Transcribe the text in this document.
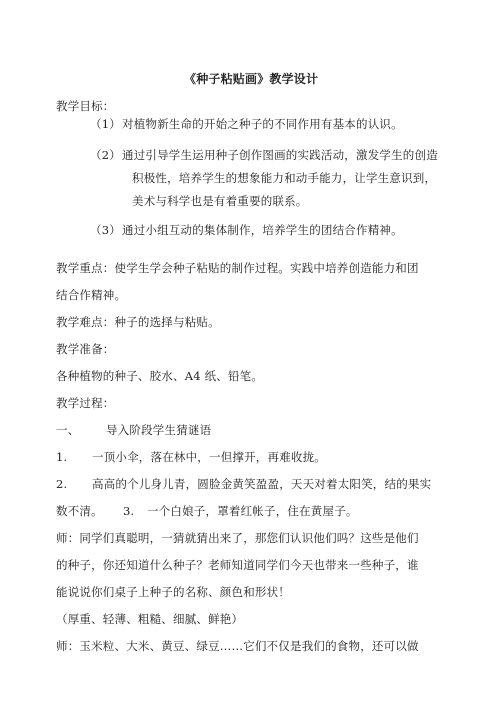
《种子粘贴画》教学设计
教学目标：
（1） 对植物新生命的开始之种子的不同作用有基本的认识。
（2） 通过引导学生运用种子创作图画的实践活动，激发学生的创造
积极性，培养学生的想象能力和动手能力，让学生意识到，
美术与科学也是有着重要的联系。
（3） 通过小组互动的集体制作，培养学生的团结合作精神。
教学重点：使学生学会种子粘贴的制作过程。实践中培养创造能力和团
结合作精神。
教学难点：种子的选择与粘贴。
教学准备：
各种植物的种子、胶水、A4 纸、铅笔。
教学过程：
一、 导入阶段学生猜谜语
1. 一顶小伞，落在林中，一但撑开，再难收拢。
2. 高高的个儿身儿青，圆脸金黄笑盈盈，天天对着太阳笑，结的果实
数不清。 3. 一个白娘子，罩着红帐子，住在黄屋子。
师：同学们真聪明，一猜就猜出来了，那您们认识他们吗？这些是他们
的种子，你还知道什么种子？老师知道同学们今天也带来一些种子，谁
能说说你们桌子上种子的名称、颜色和形状！
（厚重、轻薄、粗糙、细腻、鲜艳）
师：玉米粒、大米、黄豆、绿豆……它们不仅是我们的食物，还可以做
